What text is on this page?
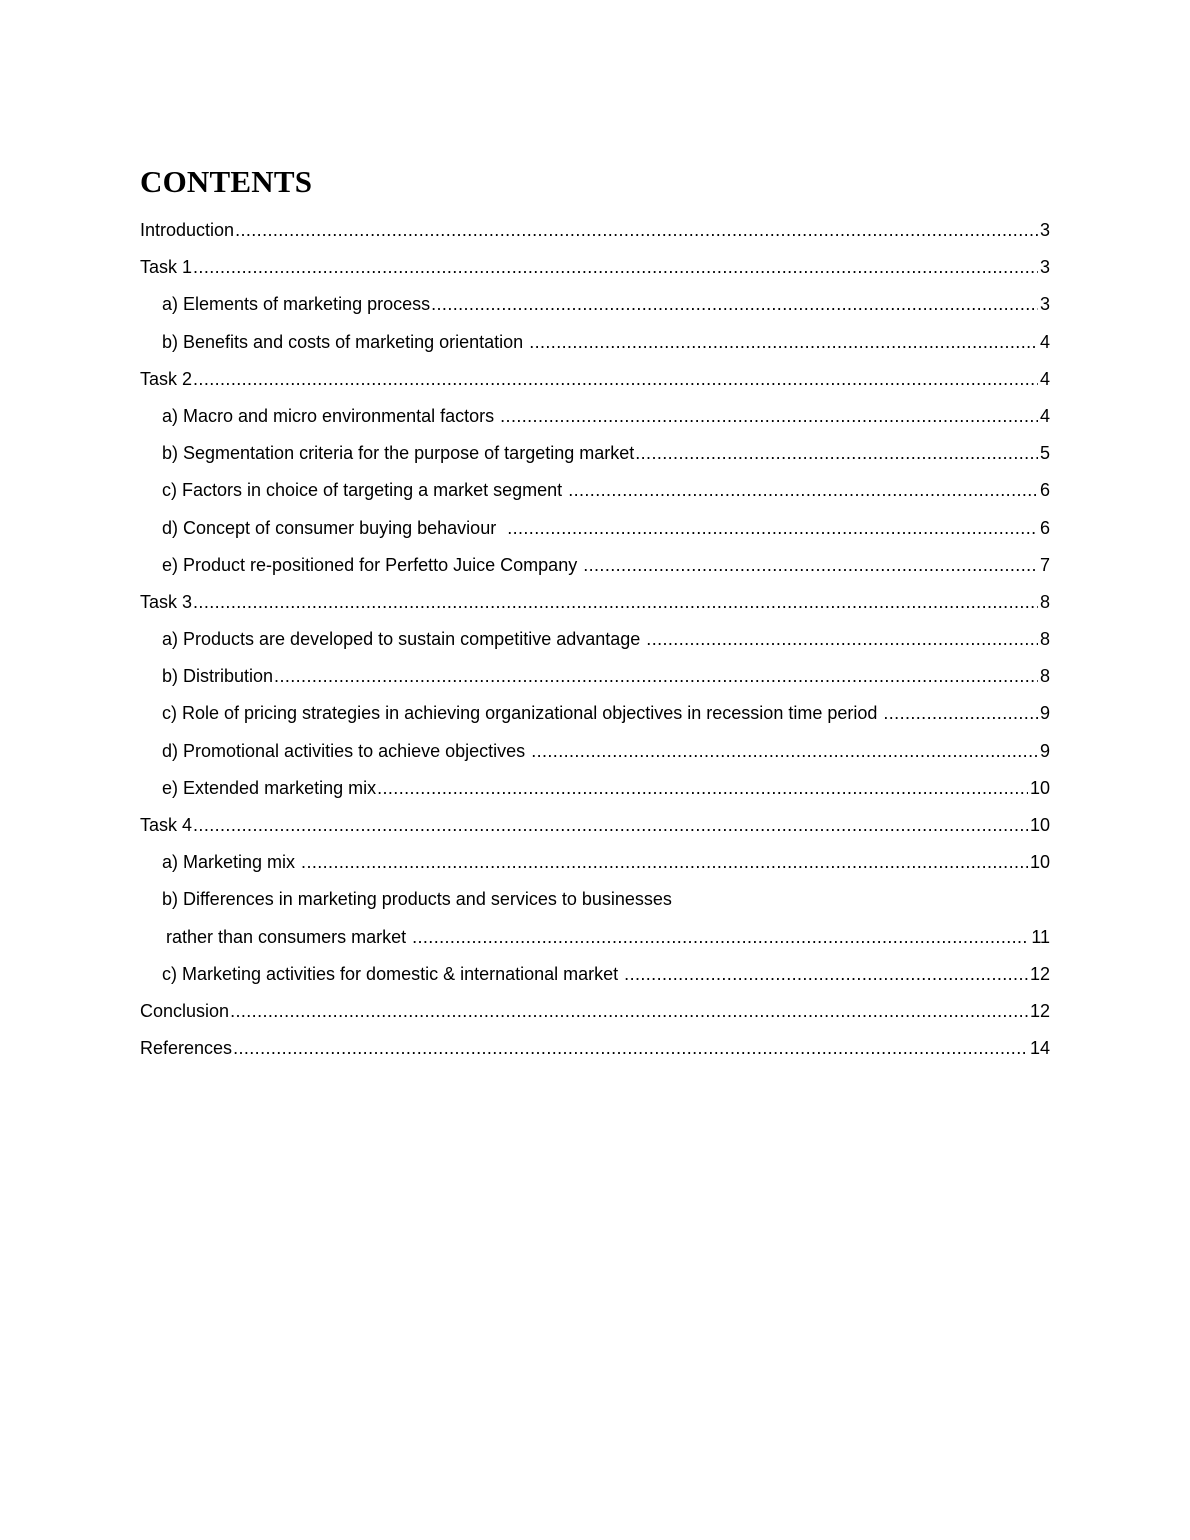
CONTENTS
Introduction .....	3
Task 1 .....	3
a) Elements of marketing process .....	3
b) Benefits and costs of marketing orientation .....	4
Task 2 .....	4
a) Macro and micro environmental factors .....	4
b) Segmentation criteria for the purpose of targeting market .....	5
c) Factors in choice of targeting a market segment .....	6
d) Concept of consumer buying behaviour .....	6
e) Product re-positioned for Perfetto Juice Company .....	7
Task 3 .....	8
a) Products are developed to sustain competitive advantage .....	8
b) Distribution .....	8
c) Role of pricing strategies in achieving organizational objectives in recession time period .....	9
d) Promotional activities to achieve objectives .....	9
e) Extended marketing mix .....	10
Task 4 .....	10
a) Marketing mix .....	10
b) Differences in marketing products and services to businesses
rather than consumers market .....	11
c) Marketing activities for domestic & international market .....	12
Conclusion .....	12
References .....	14
